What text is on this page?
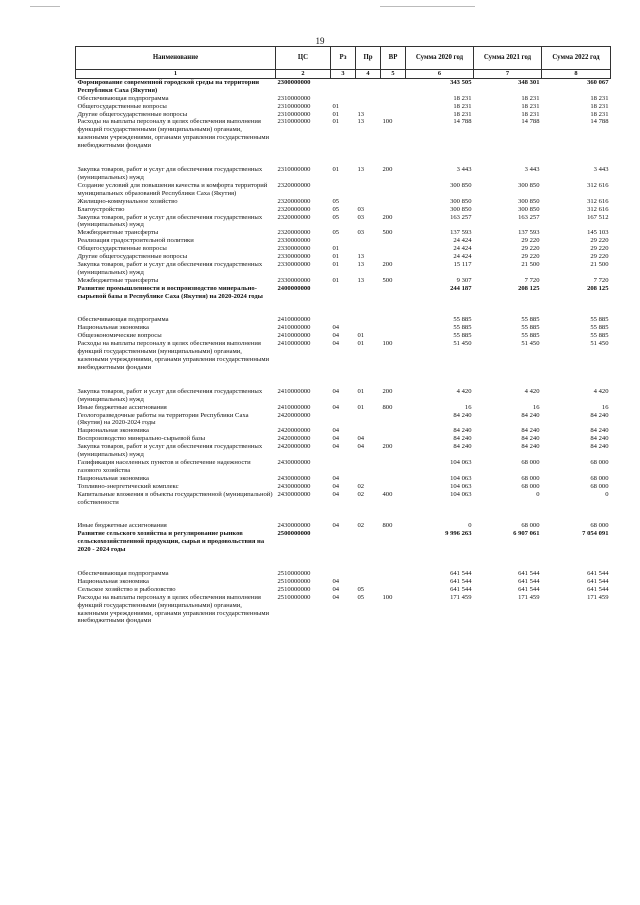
19
Наименование	ЦС	Рз	Пр	ВР	Сумма 2020 год	Сумма 2021 год	Сумма 2022 год
1	2	3	4	5	6	7	8
Формирование современной городской среды на территории Республики Саха (Якутия)	2300000000				343 505	348 301	360 067
Обеспечивающая подпрограмма	2310000000				18 231	18 231	18 231
Общегосударственные вопросы	2310000000	01			18 231	18 231	18 231
Другие общегосударственные вопросы	2310000000	01	13		18 231	18 231	18 231
Расходы на выплаты персоналу в целях обеспечения выполнения функций государственными (муниципальными) органами, казенными учреждениями, органами управления государственными внебюджетными фондами	2310000000	01	13	100	14 788	14 788	14 788
Закупка товаров, работ и услуг для обеспечения государственных (муниципальных) нужд	2310000000	01	13	200	3 443	3 443	3 443
Создание условий для повышения качества и комфорта территорий муниципальных образований Республики Саха (Якутия)	2320000000				300 850	300 850	312 616
Жилищно-коммунальное хозяйство	2320000000	05			300 850	300 850	312 616
Благоустройство	2320000000	05	03		300 850	300 850	312 616
Закупка товаров, работ и услуг для обеспечения государственных (муниципальных) нужд	2320000000	05	03	200	163 257	163 257	167 512
Межбюджетные трансферты	2320000000	05	03	500	137 593	137 593	145 103
Реализация градостроительной политики	2330000000				24 424	29 220	29 220
Общегосударственные вопросы	2330000000	01			24 424	29 220	29 220
Другие общегосударственные вопросы	2330000000	01	13		24 424	29 220	29 220
Закупка товаров, работ и услуг для обеспечения государственных (муниципальных) нужд	2330000000	01	13	200	15 117	21 500	21 500
Межбюджетные трансферты	2330000000	01	13	500	9 307	7 720	7 720
Развитие промышленности и воспроизводство минерально-сырьевой базы в Республике Саха (Якутия) на 2020-2024 годы	2400000000				244 187	208 125	208 125
Обеспечивающая подпрограмма	2410000000				55 885	55 885	55 885
Национальная экономика	2410000000	04			55 885	55 885	55 885
Общеэкономические вопросы	2410000000	04	01		55 885	55 885	55 885
Расходы на выплаты персоналу в целях обеспечения выполнения функций государственными (муниципальными) органами, казенными учреждениями, органами управления государственными внебюджетными фондами	2410000000	04	01	100	51 450	51 450	51 450
Закупка товаров, работ и услуг для обеспечения государственных (муниципальных) нужд	2410000000	04	01	200	4 420	4 420	4 420
Иные бюджетные ассигнования	2410000000	04	01	800	16	16	16
Геологоразведочные работы на территории Республики Саха (Якутия) на 2020-2024 годы	2420000000				84 240	84 240	84 240
Национальная экономика	2420000000	04			84 240	84 240	84 240
Воспроизводство минерально-сырьевой базы	2420000000	04	04		84 240	84 240	84 240
Закупка товаров, работ и услуг для обеспечения государственных (муниципальных) нужд	2420000000	04	04	200	84 240	84 240	84 240
Газификация населенных пунктов и обеспечение надежности газового хозяйства	2430000000				104 063	68 000	68 000
Национальная экономика	2430000000	04			104 063	68 000	68 000
Топливно-энергетический комплекс	2430000000	04	02		104 063	68 000	68 000
Капитальные вложения в объекты государственной (муниципальной) собственности	2430000000	04	02	400	104 063	0	0
Иные бюджетные ассигнования	2430000000	04	02	800	0	68 000	68 000
Развитие сельского хозяйства и регулирование рынков сельскохозяйственной продукции, сырья и продовольствия на 2020 - 2024 годы	2500000000				9 996 263	6 907 061	7 054 091
Обеспечивающая подпрограмма	2510000000				641 544	641 544	641 544
Национальная экономика	2510000000	04			641 544	641 544	641 544
Сельское хозяйство и рыболовство	2510000000	04	05		641 544	641 544	641 544
Расходы на выплаты персоналу в целях обеспечения выполнения функций государственными (муниципальными) органами, казенными учреждениями, органами управления государственными внебюджетными фондами	2510000000	04	05	100	171 459	171 459	171 459
